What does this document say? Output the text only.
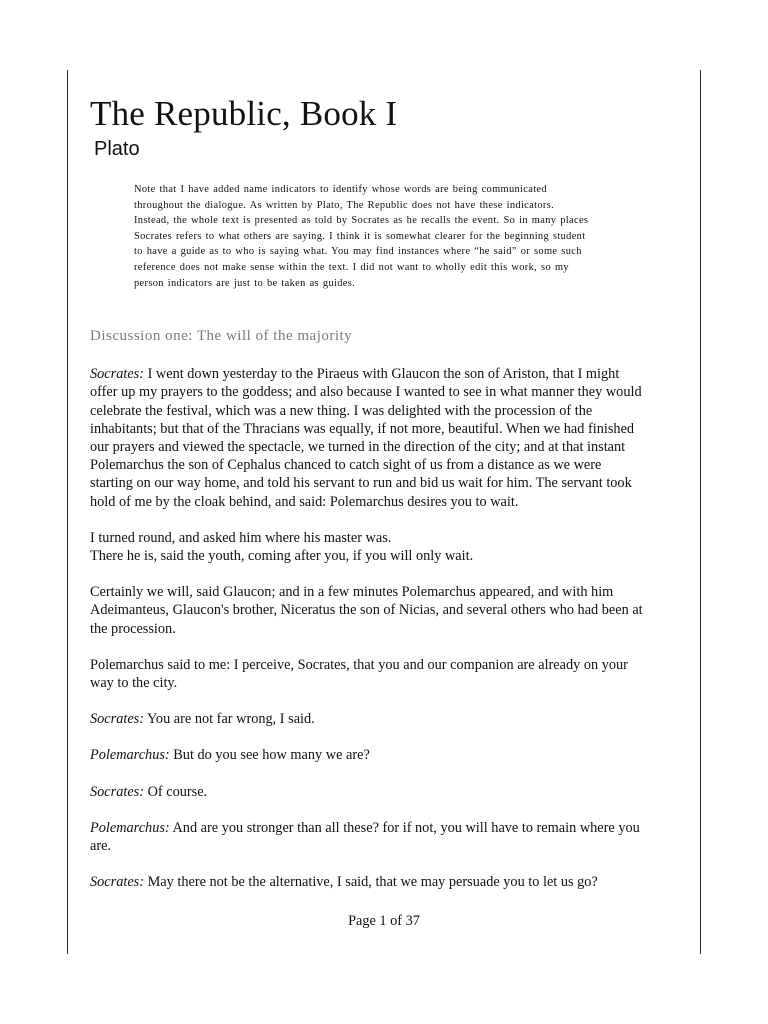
The Republic, Book I
Plato
Note that I have added name indicators to identify whose words are being communicated
throughout the dialogue. As written by Plato, The Republic does not have these indicators.
Instead, the whole text is presented as told by Socrates as he recalls the event. So in many places
Socrates refers to what others are saying. I think it is somewhat clearer for the beginning student
to have a guide as to who is saying what. You may find instances where “he said” or some such
reference does not make sense within the text. I did not want to wholly edit this work, so my
person indicators are just to be taken as guides.
Discussion one: The will of the majority

Socrates: I went down yesterday to the Piraeus with Glaucon the son of Ariston, that I might
offer up my prayers to the goddess; and also because I wanted to see in what manner they would
celebrate the festival, which was a new thing. I was delighted with the procession of the
inhabitants; but that of the Thracians was equally, if not more, beautiful. When we had finished
our prayers and viewed the spectacle, we turned in the direction of the city; and at that instant
Polemarchus the son of Cephalus chanced to catch sight of us from a distance as we were
starting on our way home, and told his servant to run and bid us wait for him. The servant took
hold of me by the cloak behind, and said: Polemarchus desires you to wait.

I turned round, and asked him where his master was.
There he is, said the youth, coming after you, if you will only wait.

Certainly we will, said Glaucon; and in a few minutes Polemarchus appeared, and with him
Adeimanteus, Glaucon's brother, Niceratus the son of Nicias, and several others who had been at
the procession.

Polemarchus said to me: I perceive, Socrates, that you and our companion are already on your
way to the city.

Socrates: You are not far wrong, I said.

Polemarchus: But do you see how many we are?

Socrates: Of course.

Polemarchus: And are you stronger than all these? for if not, you will have to remain where you
are.

Socrates: May there not be the alternative, I said, that we may persuade you to let us go?

Page 1 of 37
